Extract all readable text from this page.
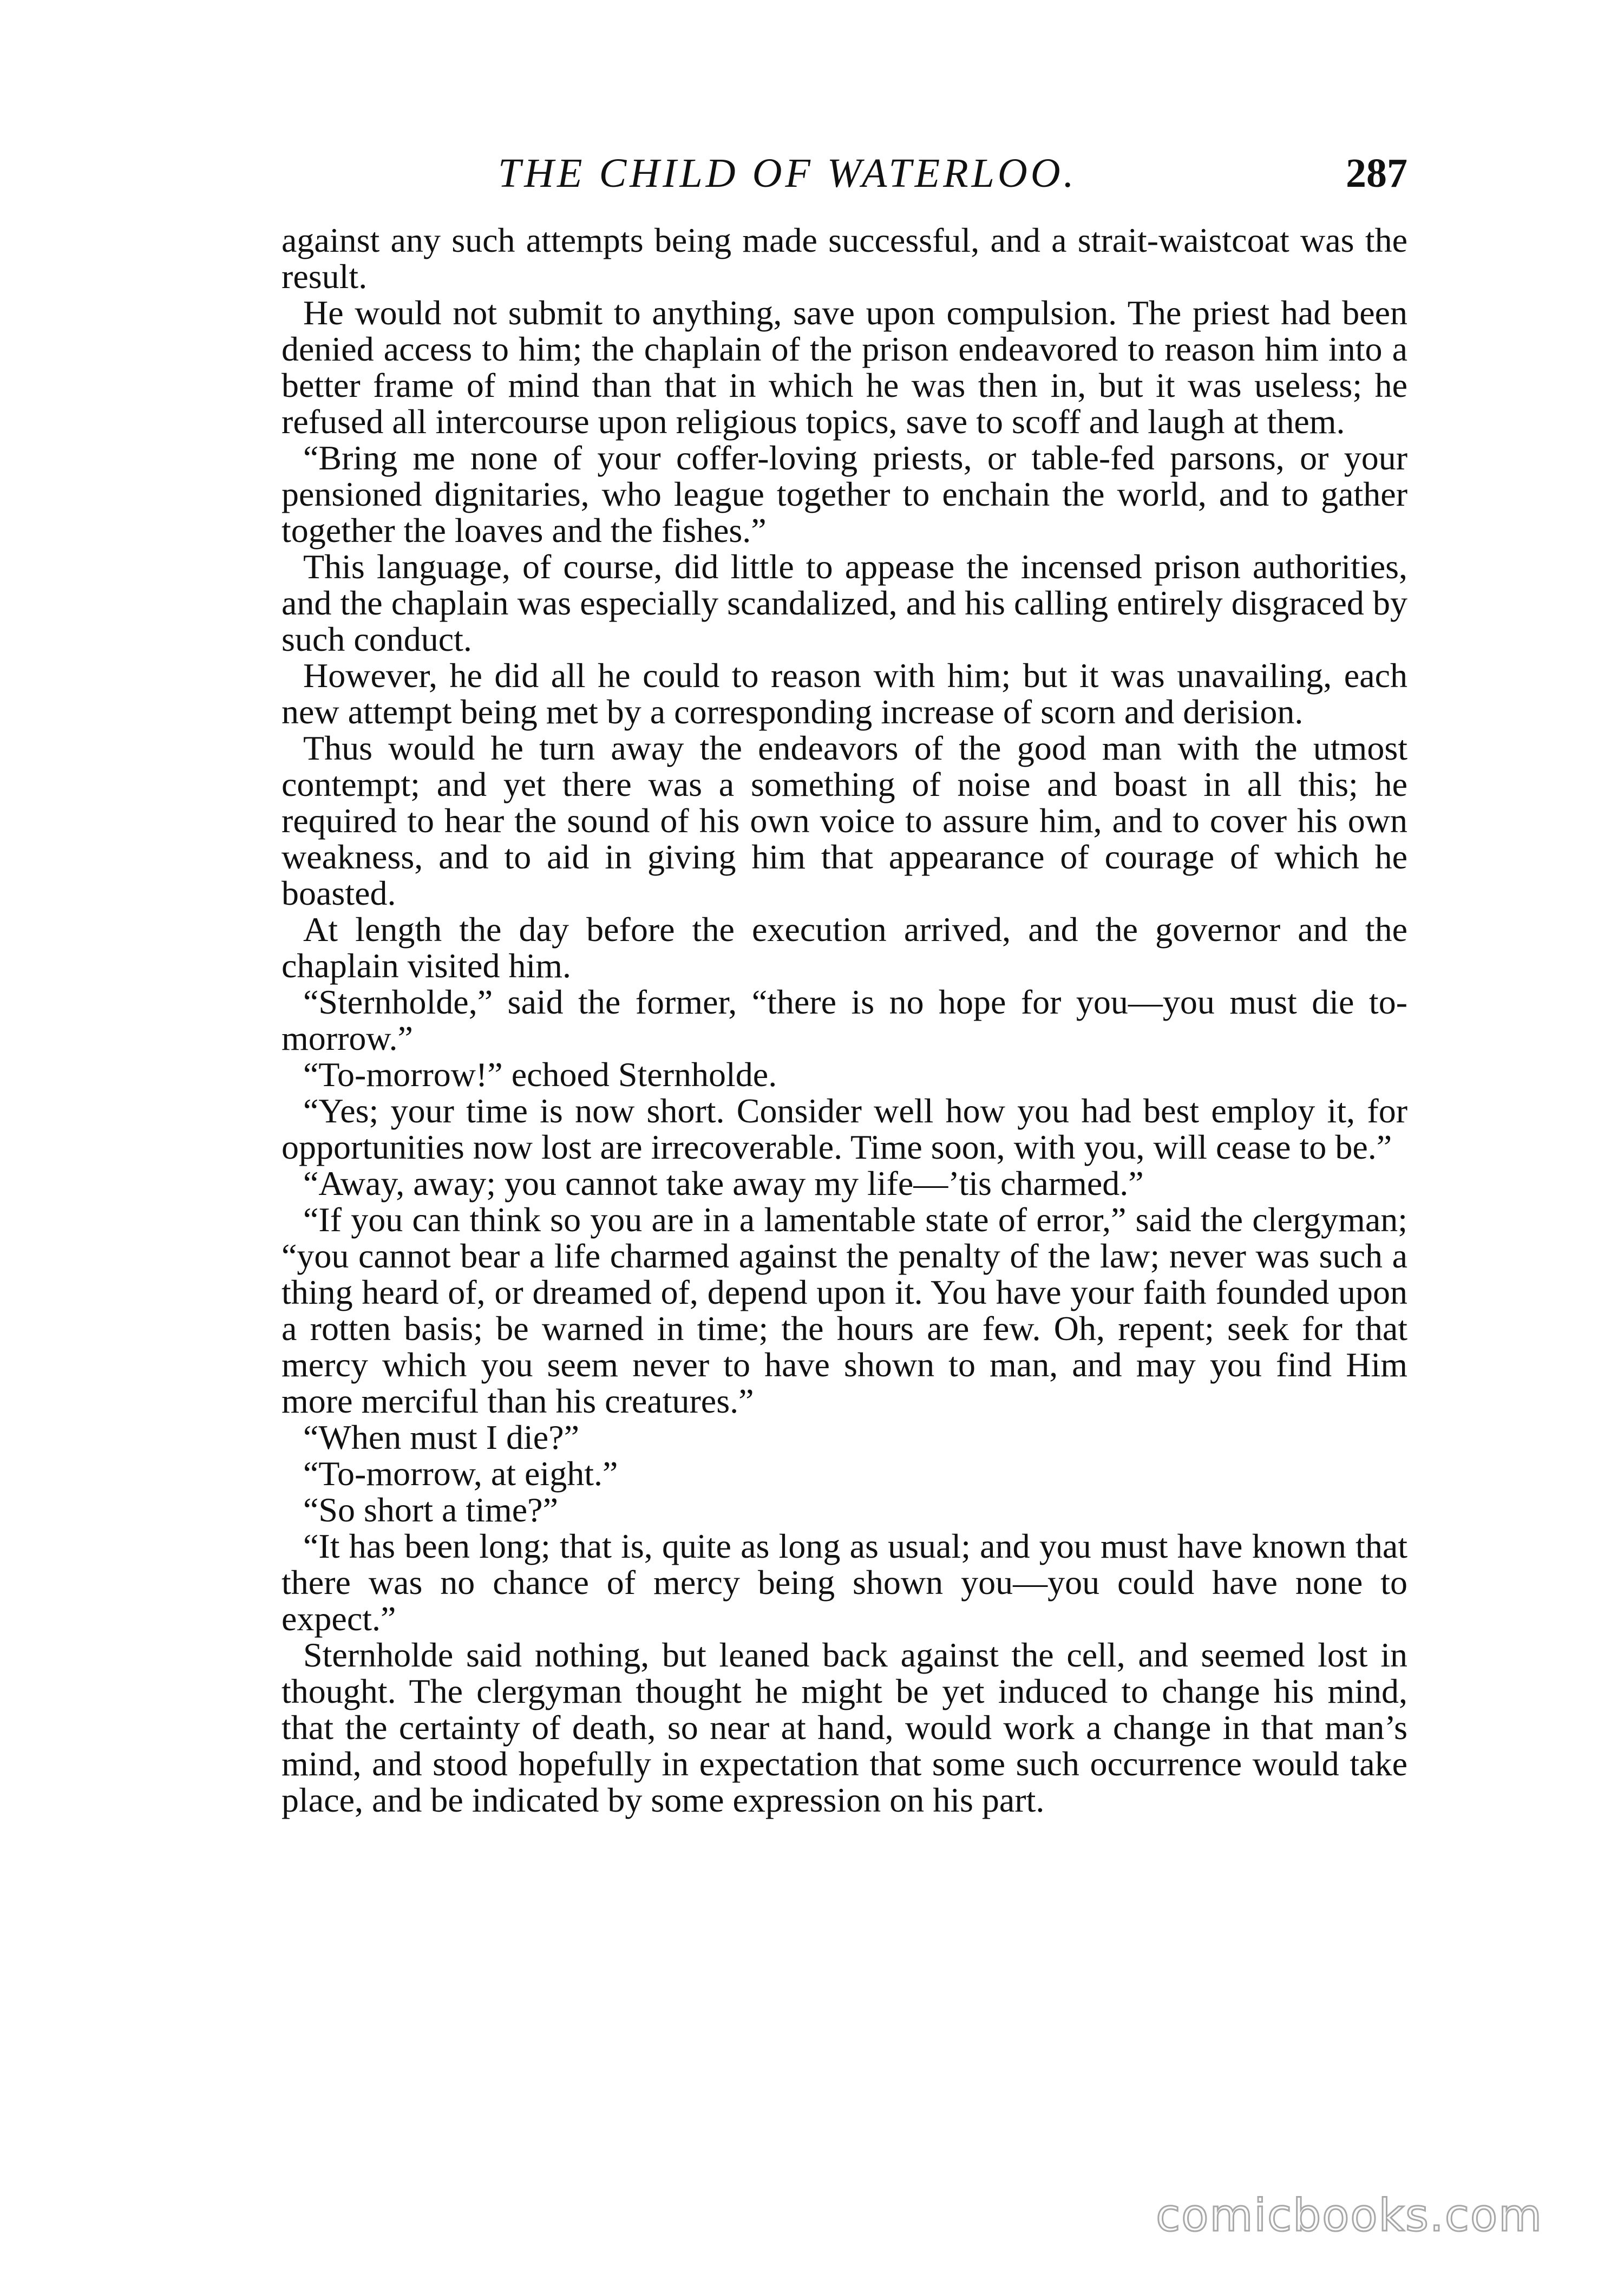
THE CHILD OF WATERLOO.	287

against any such attempts being made successful, and a strait-waistcoat was the result.

He would not submit to anything, save upon compulsion. The priest had been denied access to him; the chaplain of the prison endeavored to reason him into a better frame of mind than that in which he was then in, but it was useless; he refused all intercourse upon religious topics, save to scoff and laugh at them.

“Bring me none of your coffer-loving priests, or table-fed parsons, or your pensioned dignitaries, who league together to enchain the world, and to gather together the loaves and the fishes.”

This language, of course, did little to appease the incensed prison authorities, and the chaplain was especially scandalized, and his calling entirely disgraced by such conduct.

However, he did all he could to reason with him; but it was unavailing, each new attempt being met by a corresponding increase of scorn and derision.

Thus would he turn away the endeavors of the good man with the utmost contempt; and yet there was a something of noise and boast in all this; he required to hear the sound of his own voice to assure him, and to cover his own weakness, and to aid in giving him that appearance of courage of which he boasted.

At length the day before the execution arrived, and the governor and the chaplain visited him.

“Sternholde,” said the former, “there is no hope for you—you must die to-morrow.”

“To-morrow!” echoed Sternholde.

“Yes; your time is now short. Consider well how you had best employ it, for opportunities now lost are irrecoverable. Time soon, with you, will cease to be.”

“Away, away; you cannot take away my life—’tis charmed.”

“If you can think so you are in a lamentable state of error,” said the clergyman; “you cannot bear a life charmed against the penalty of the law; never was such a thing heard of, or dreamed of, depend upon it. You have your faith founded upon a rotten basis; be warned in time; the hours are few. Oh, repent; seek for that mercy which you seem never to have shown to man, and may you find Him more merciful than his creatures.”

“When must I die?”

“To-morrow, at eight.”

“So short a time?”

“It has been long; that is, quite as long as usual; and you must have known that there was no chance of mercy being shown you—you could have none to expect.”

Sternholde said nothing, but leaned back against the cell, and seemed lost in thought. The clergyman thought he might be yet induced to change his mind, that the certainty of death, so near at hand, would work a change in that man’s mind, and stood hopefully in expectation that some such occurrence would take place, and be indicated by some expression on his part.

comicbooks.com
